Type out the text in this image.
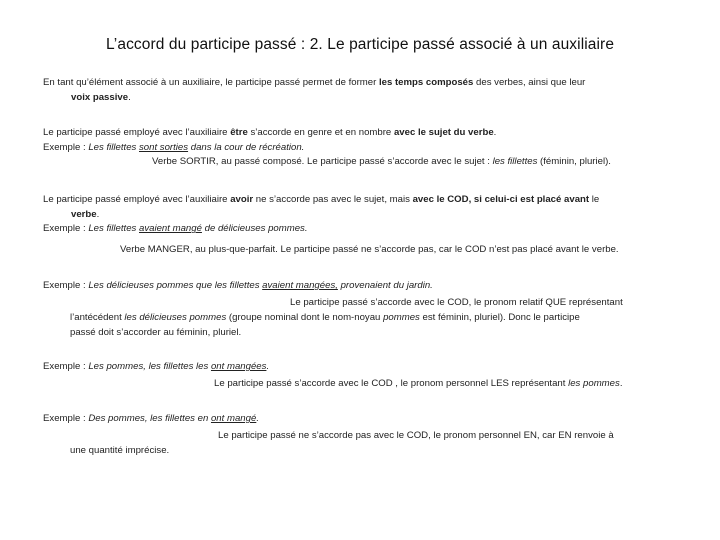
L’accord du participe passé : 2. Le participe passé associé à un auxiliaire
En tant qu’élément associé à un auxiliaire, le participe passé permet de former les temps composés des verbes, ainsi que leur
voix passive.
Le participe passé employé avec l’auxiliaire être s’accorde en genre et en nombre avec le sujet du verbe.
Exemple : Les fillettes sont sorties dans la cour de récréation.
Verbe SORTIR, au passé composé. Le participe passé s’accorde avec le sujet : les fillettes (féminin, pluriel).
Le participe passé employé avec l’auxiliaire avoir ne s’accorde pas avec le sujet, mais avec le COD, si celui-ci est placé avant le
verbe.
Exemple : Les fillettes avaient mangé de délicieuses pommes.
Verbe MANGER, au plus-que-parfait. Le participe passé ne s’accorde pas, car le COD n’est pas placé avant le verbe.
Exemple : Les délicieuses pommes que les fillettes avaient mangées, provenaient du jardin.
Le participe passé s’accorde avec le COD, le pronom relatif QUE représentant
l’antécédent les délicieuses pommes (groupe nominal dont le nom-noyau pommes est féminin, pluriel). Donc le participe
passé doit s’accorder au féminin, pluriel.
Exemple : Les pommes, les fillettes les ont mangées.
Le participe passé s’accorde avec le COD , le pronom personnel LES représentant les pommes.
Exemple : Des pommes, les fillettes en ont mangé.
Le participe passé ne s’accorde pas avec le COD, le pronom personnel EN, car EN renvoie à
une quantité imprécise.
